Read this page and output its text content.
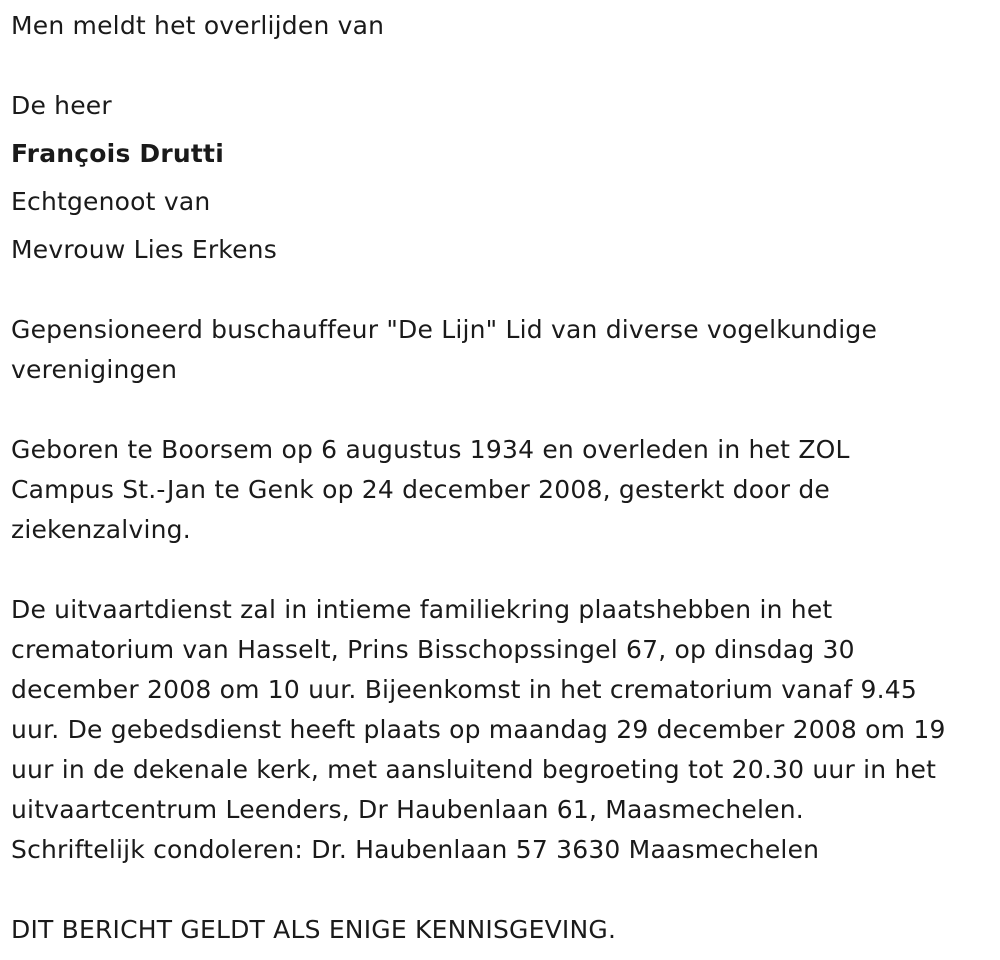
Men meldt het overlijden van
De heer
François Drutti
Echtgenoot van
Mevrouw Lies Erkens
Gepensioneerd buschauffeur "De Lijn" Lid van diverse vogelkundige
verenigingen
Geboren te Boorsem op 6 augustus 1934 en overleden in het ZOL
Campus St.-Jan te Genk op 24 december 2008, gesterkt door de
ziekenzalving.
De uitvaartdienst zal in intieme familiekring plaatshebben in het
crematorium van Hasselt, Prins Bisschopssingel 67, op dinsdag 30
december 2008 om 10 uur. Bijeenkomst in het crematorium vanaf 9.45
uur. De gebedsdienst heeft plaats op maandag 29 december 2008 om 19
uur in de dekenale kerk, met aansluitend begroeting tot 20.30 uur in het
uitvaartcentrum Leenders, Dr Haubenlaan 61, Maasmechelen.
Schriftelijk condoleren: Dr. Haubenlaan 57 3630 Maasmechelen
DIT BERICHT GELDT ALS ENIGE KENNISGEVING.
